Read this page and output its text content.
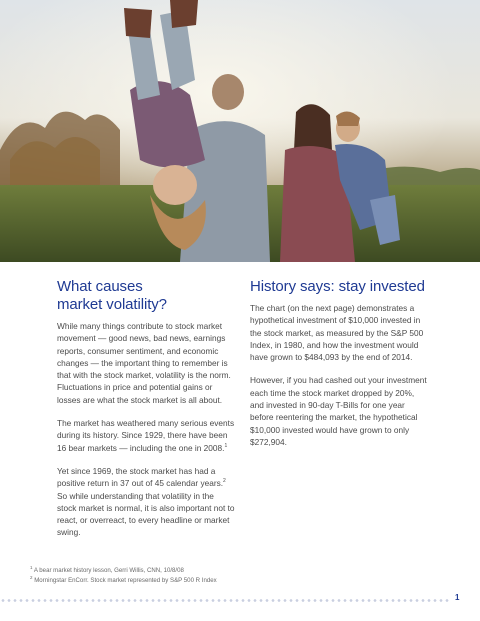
What causes
market volatility?

While many things contribute to stock market movement — good news, bad news, earnings reports, consumer sentiment, and economic changes — the important thing to remember is that with the stock market, volatility is the norm. Fluctuations in price and potential gains or losses are what the stock market is all about.

The market has weathered many serious events during its history. Since 1929, there have been 16 bear markets — including the one in 2008.$^1$

Yet since 1969, the stock market has had a positive return in 37 out of 45 calendar years.$^2$ So while understanding that volatility in the stock market is normal, it is also important not to react, or overreact, to every headline or market swing.

History says: stay invested

The chart (on the next page) demonstrates a hypothetical investment of $10,000 invested in the stock market, as measured by the S&P 500 Index, in 1980, and how the investment would have grown to $484,093 by the end of 2014.

However, if you had cashed out your investment each time the stock market dropped by 20%, and invested in 90-day T-Bills for one year before reentering the market, the hypothetical $10,000 invested would have grown to only $272,904.

$^1$ A bear market history lesson, Gerri Willis, CNN, 10/8/08
$^2$ Morningstar EnCorr. Stock market represented by S&P 500 R Index
1
